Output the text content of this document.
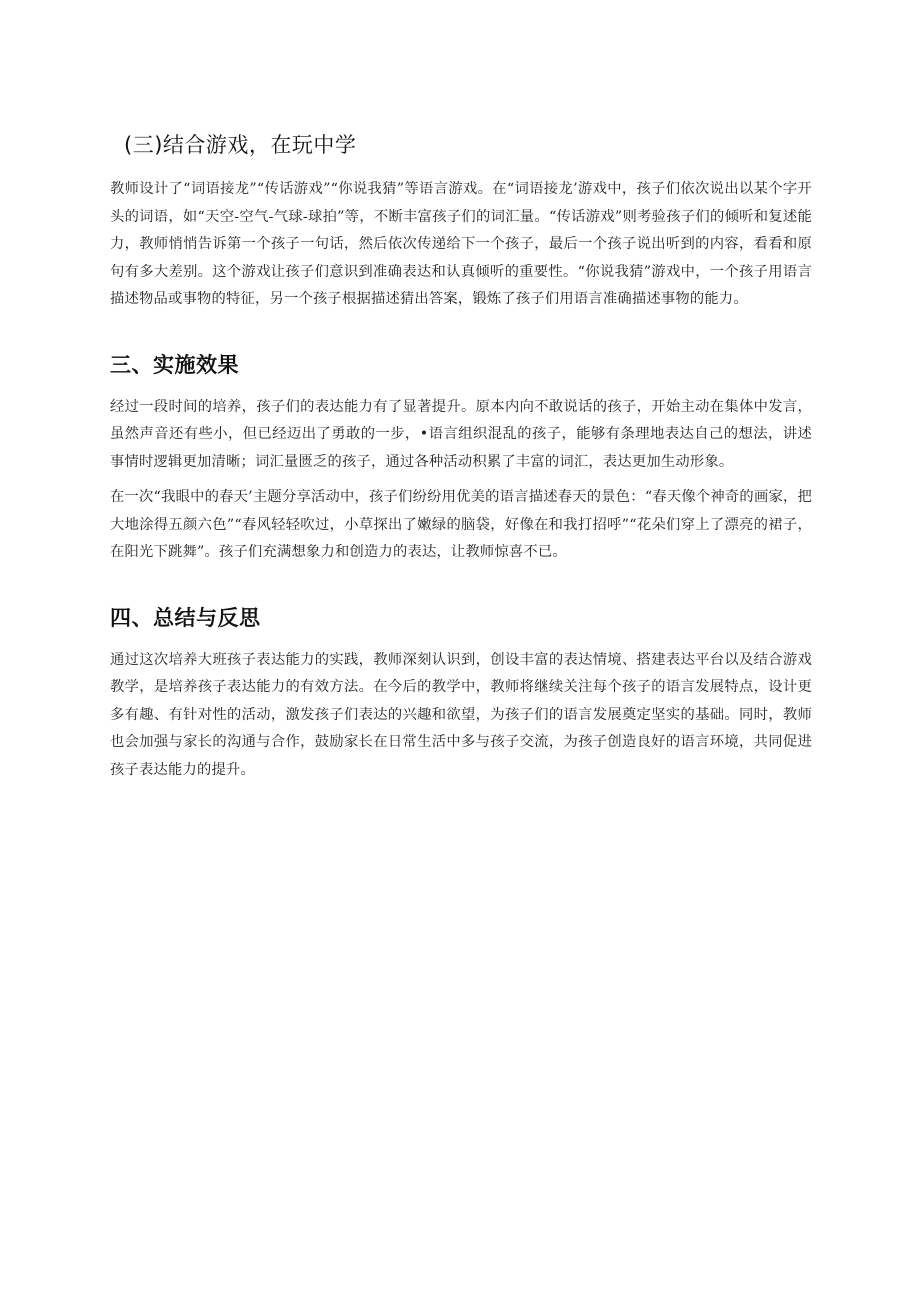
(三)结合游戏，在玩中学

教师设计了“词语接龙”“传话游戏”“你说我猜”等语言游戏。在“词语接龙’游戏中，孩子们依次说出以某个字开头的词语，如“天空-空气-气球-球拍”等，不断丰富孩子们的词汇量。“传话游戏”则考验孩子们的倾听和复述能力，教师悄悄告诉第一个孩子一句话，然后依次传递给下一个孩子，最后一个孩子说出听到的内容，看看和原句有多大差别。这个游戏让孩子们意识到准确表达和认真倾听的重要性。“你说我猜”游戏中，一个孩子用语言描述物品或事物的特征，另一个孩子根据描述猜出答案，锻炼了孩子们用语言准确描述事物的能力。

三、实施效果

经过一段时间的培养，孩子们的表达能力有了显著提升。原本内向不敢说话的孩子，开始主动在集体中发言，虽然声音还有些小，但已经迈出了勇敢的一步，•语言组织混乱的孩子，能够有条理地表达自己的想法，讲述事情时逻辑更加清晰；词汇量匮乏的孩子，通过各种活动积累了丰富的词汇，表达更加生动形象。

在一次“我眼中的春天’主题分享活动中，孩子们纷纷用优美的语言描述春天的景色：“春天像个神奇的画家，把大地涂得五颜六色”“春风轻轻吹过，小草探出了嫩绿的脑袋，好像在和我打招呼”“花朵们穿上了漂亮的裙子，在阳光下跳舞”。孩子们充满想象力和创造力的表达，让教师惊喜不已。

四、总结与反思

通过这次培养大班孩子表达能力的实践，教师深刻认识到，创设丰富的表达情境、搭建表达平台以及结合游戏教学，是培养孩子表达能力的有效方法。在今后的教学中，教师将继续关注每个孩子的语言发展特点，设计更多有趣、有针对性的活动，激发孩子们表达的兴趣和欲望，为孩子们的语言发展奠定坚实的基础。同时，教师也会加强与家长的沟通与合作，鼓励家长在日常生活中多与孩子交流，为孩子创造良好的语言环境，共同促进孩子表达能力的提升。
